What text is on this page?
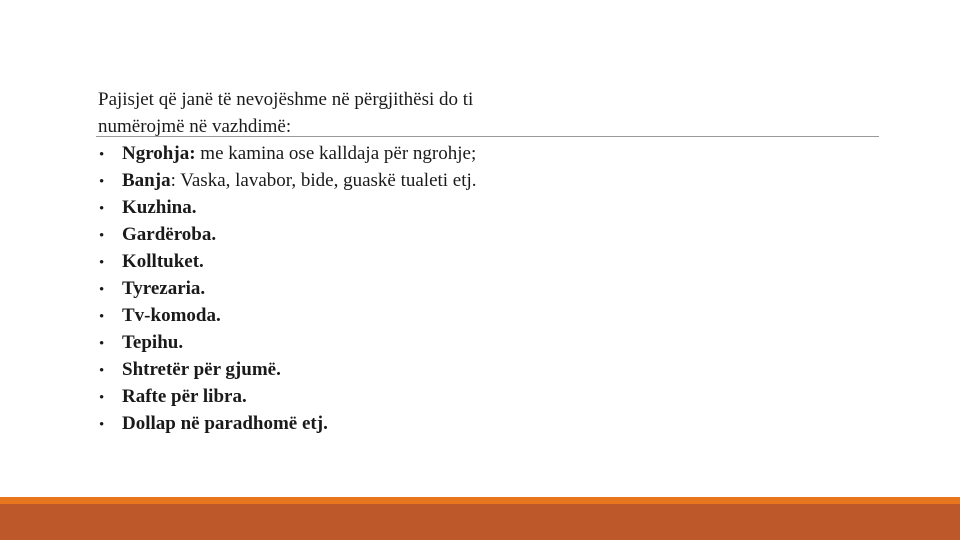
Pajisjet që janë të nevojëshme në përgjithësi do ti
numërojmë në vazhdimë:

• Ngrohja: me kamina ose kalldaja për ngrohje;
• Banja: Vaska, lavabor, bide, guaskë tualeti etj.
• Kuzhina.
• Gardëroba.
• Kolltuket.
• Tyrezaria.
• Tv-komoda.
• Tepihu.
• Shtretër për gjumë.
• Rafte për libra.
• Dollap në paradhomë etj.
